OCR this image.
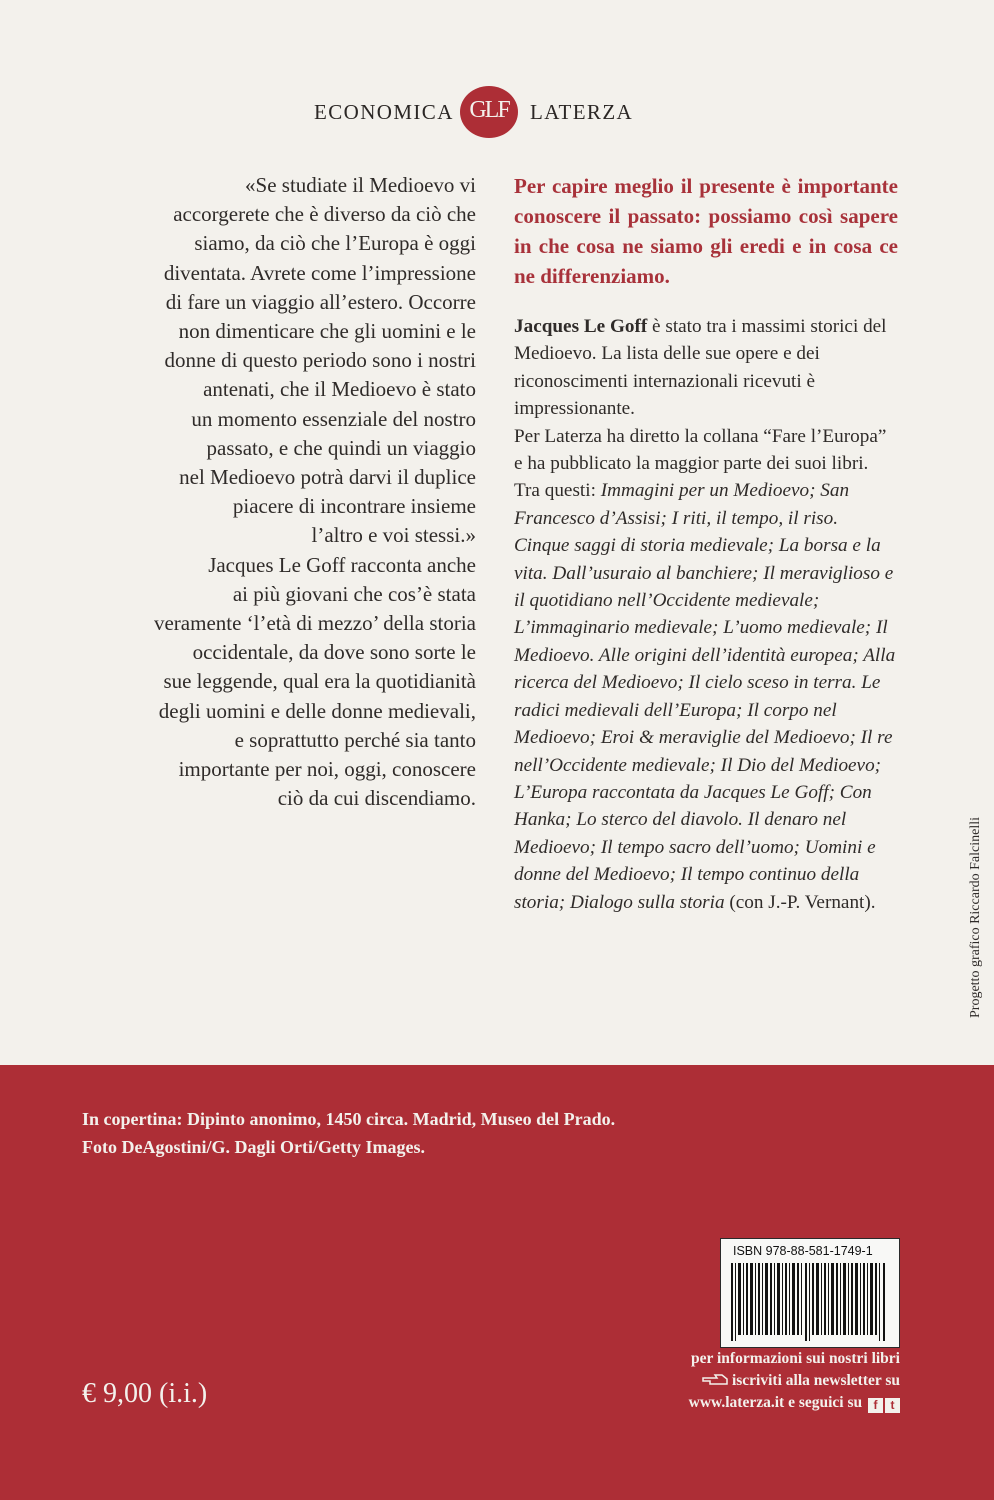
ECONOMICA GLF	LATERZA

«Se studiate il Medioevo vi

accorgerete che è diverso da ciò che

siamo, da ciò che l’Europa è oggi

diventata. Avrete come l’impressione

di fare un viaggio all’estero. Occorre

non dimenticare che gli uomini e le

donne di questo periodo sono i nostri

antenati, che il Medioevo è stato

un momento essenziale del nostro

passato, e che quindi un viaggio

nel Medioevo potrà darvi il duplice

piacere di incontrare insieme

l’altro e voi stessi.»

Jacques Le Goff racconta anche

ai più giovani che cos’è stata

veramente ‘l’età di mezzo’ della storia

occidentale, da dove sono sorte le

sue leggende, qual era la quotidianità

degli uomini e delle donne medievali,

e soprattutto perché sia tanto

importante per noi, oggi, conoscere

ciò da cui discendiamo.

Per capire meglio il presente è importante conoscere il passato: possiamo così sapere in che cosa ne siamo gli eredi e in cosa ce ne differenziamo.

Jacques Le Goff è stato tra i massimi storici del Medioevo. La lista delle sue opere e dei riconoscimenti internazionali ricevuti è impressionante.

Per Laterza ha diretto la collana “Fare l’Europa” e ha pubblicato la maggior parte dei suoi libri. Tra questi: Immagini per un Medioevo; San Francesco d’Assisi; I riti, il tempo, il riso. Cinque saggi di storia medievale; La borsa e la vita. Dall’usuraio al banchiere; Il meraviglioso e il quotidiano nell’Occidente medievale; L’immaginario medievale; L’uomo medievale; Il Medioevo. Alle origini dell’identità europea; Alla ricerca del Medioevo; Il cielo sceso in terra. Le radici medievali dell’Europa; Il corpo nel Medioevo; Eroi & meraviglie del Medioevo; Il re nell’Occidente medievale; Il Dio del Medioevo; L’Europa raccontata da Jacques Le Goff; Con Hanka; Lo sterco del diavolo. Il denaro nel Medioevo; Il tempo sacro dell’uomo; Uomini e donne del Medioevo; Il tempo continuo della storia; Dialogo sulla storia (con J.-P. Vernant).	Progetto grafico Riccardo Falcinelli

In copertina: Dipinto anonimo, 1450 circa. Madrid, Museo del Prado.

Foto DeAgostini/G. Dagli Orti/Getty Images.

ISBN 978-88-581-1749-1
€ 9,00 (i.i.)

per informazioni sui nostri libri

iscriviti alla newsletter su

www.laterza.it e seguici su f t
